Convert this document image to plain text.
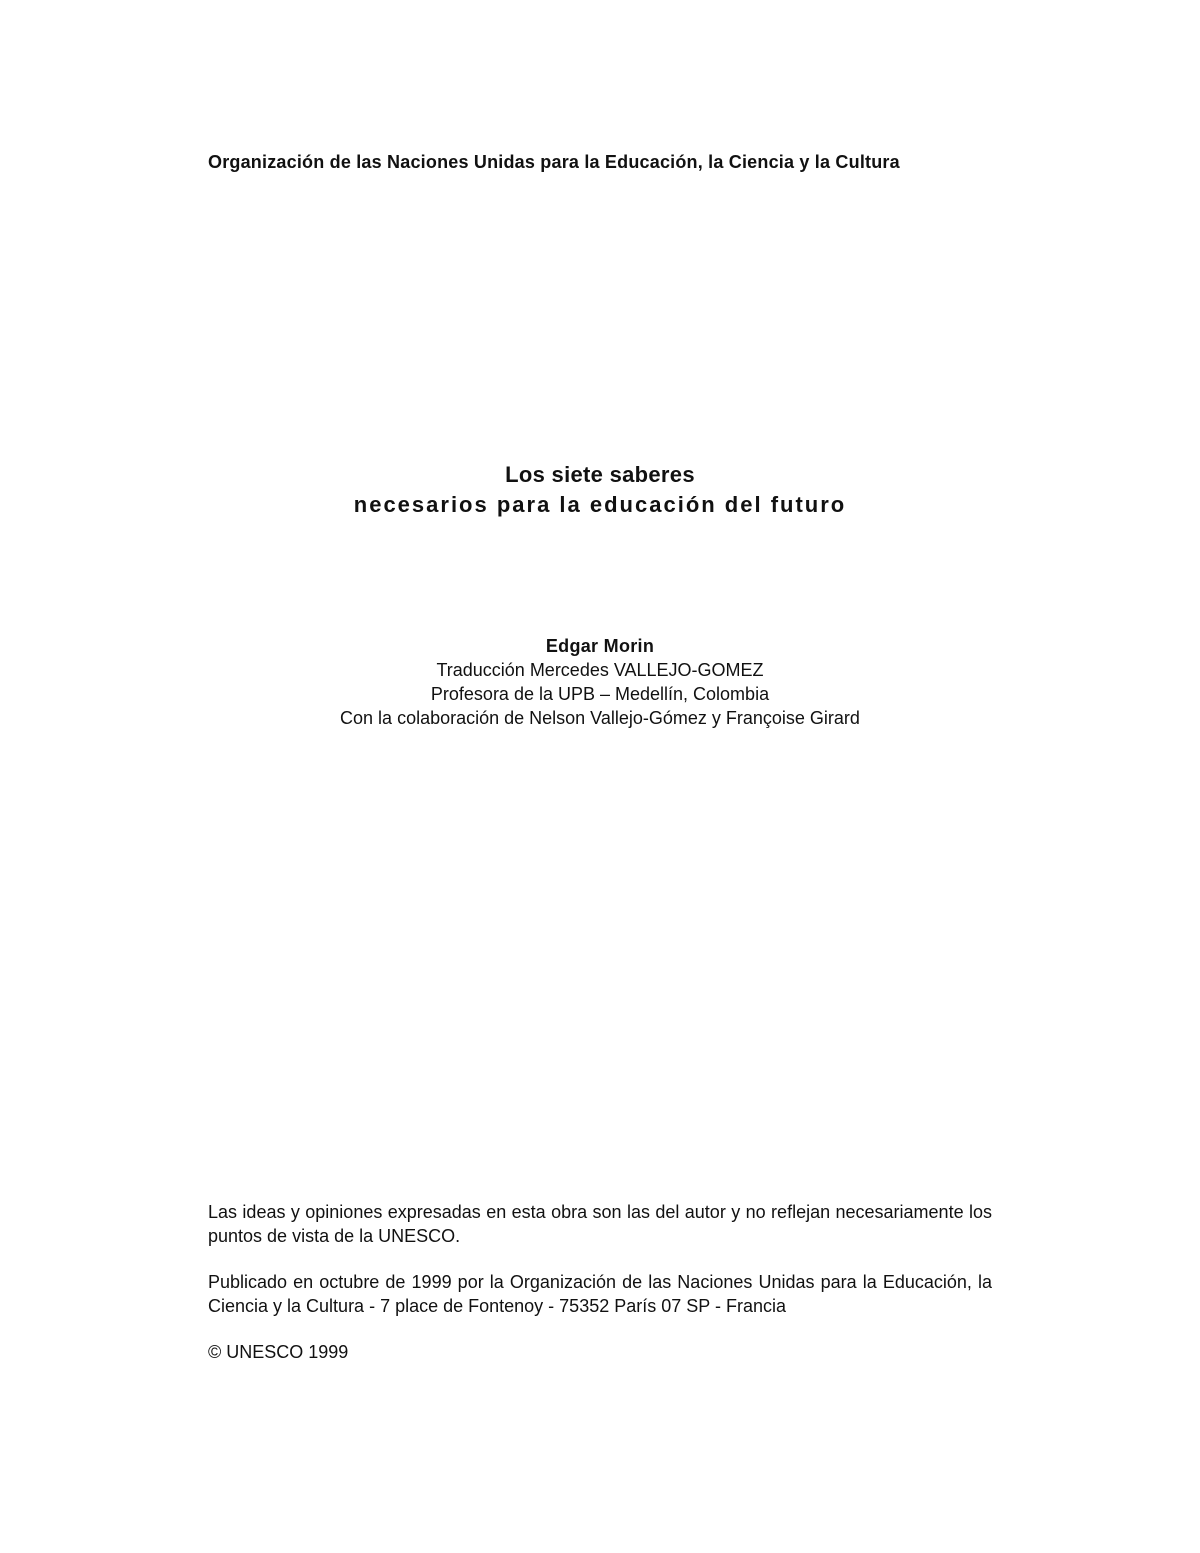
Organización de las Naciones Unidas para la Educación, la Ciencia y la Cultura
Los siete saberes
necesarios para la educación del futuro
Edgar Morin
Traducción Mercedes VALLEJO-GOMEZ
Profesora de la UPB – Medellín, Colombia
Con la colaboración de Nelson Vallejo-Gómez y Françoise Girard

Las ideas y opiniones expresadas en esta obra son las del autor y no reflejan necesariamente los puntos de vista de la UNESCO.

Publicado en octubre de 1999 por la Organización de las Naciones Unidas para la Educación, la Ciencia y la Cultura - 7 place de Fontenoy - 75352 París 07 SP - Francia

© UNESCO 1999
